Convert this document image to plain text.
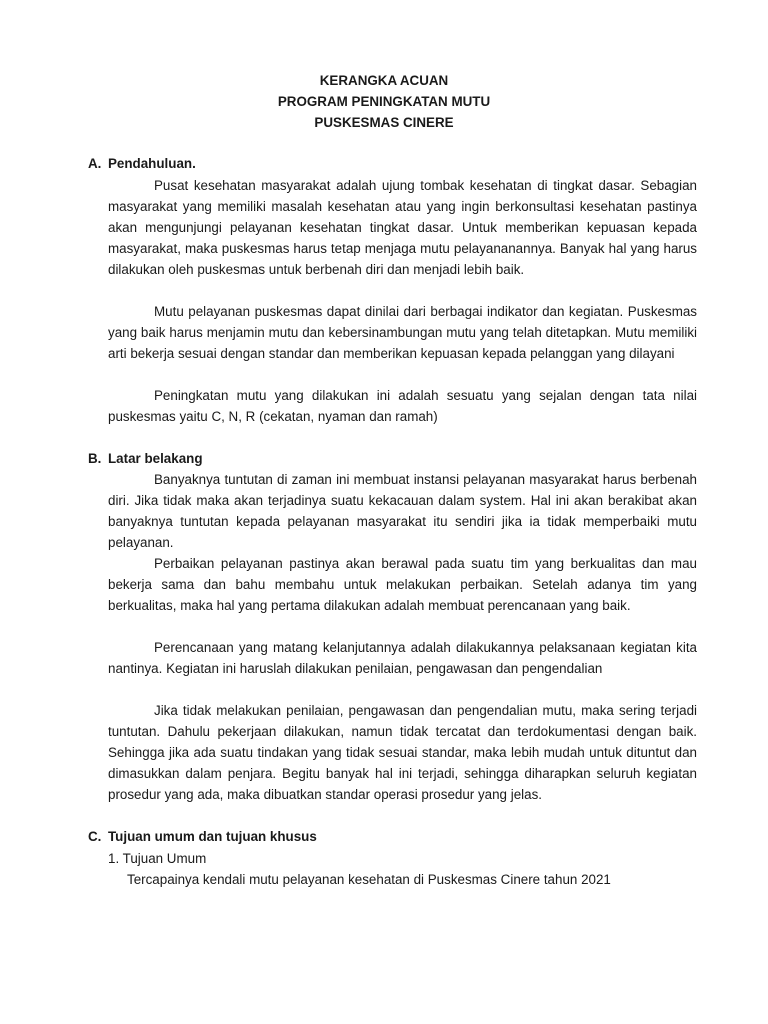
KERANGKA ACUAN
PROGRAM PENINGKATAN MUTU
PUSKESMAS CINERE
A. Pendahuluan.
Pusat kesehatan masyarakat adalah ujung tombak kesehatan di tingkat dasar. Sebagian masyarakat yang memiliki masalah kesehatan atau yang ingin berkonsultasi kesehatan pastinya akan mengunjungi pelayanan kesehatan tingkat dasar. Untuk memberikan kepuasan kepada masyarakat, maka puskesmas harus tetap menjaga mutu pelayananannya. Banyak hal yang harus dilakukan oleh puskesmas untuk berbenah diri dan menjadi lebih baik.
Mutu pelayanan puskesmas dapat dinilai dari berbagai indikator dan kegiatan. Puskesmas yang baik harus menjamin mutu dan kebersinambungan mutu yang telah ditetapkan. Mutu memiliki arti bekerja sesuai dengan standar dan memberikan kepuasan kepada pelanggan yang dilayani
Peningkatan mutu yang dilakukan ini adalah sesuatu yang sejalan dengan tata nilai puskesmas yaitu C, N, R (cekatan, nyaman dan ramah)
B. Latar belakang
Banyaknya tuntutan di zaman ini membuat instansi pelayanan masyarakat harus berbenah diri. Jika tidak maka akan terjadinya suatu kekacauan dalam system. Hal ini akan berakibat akan banyaknya tuntutan kepada pelayanan masyarakat itu sendiri jika ia tidak memperbaiki mutu pelayanan.
Perbaikan pelayanan pastinya akan berawal pada suatu tim yang berkualitas dan mau bekerja sama dan bahu membahu untuk melakukan perbaikan. Setelah adanya tim yang berkualitas, maka hal yang pertama dilakukan adalah membuat perencanaan yang baik.
Perencanaan yang matang kelanjutannya adalah dilakukannya pelaksanaan kegiatan kita nantinya. Kegiatan ini haruslah dilakukan penilaian, pengawasan dan pengendalian
Jika tidak melakukan penilaian, pengawasan dan pengendalian mutu, maka sering terjadi tuntutan. Dahulu pekerjaan dilakukan, namun tidak tercatat dan terdokumentasi dengan baik. Sehingga jika ada suatu tindakan yang tidak sesuai standar, maka lebih mudah untuk dituntut dan dimasukkan dalam penjara. Begitu banyak hal ini terjadi, sehingga diharapkan seluruh kegiatan prosedur yang ada, maka dibuatkan standar operasi prosedur yang jelas.
C. Tujuan umum dan tujuan khusus
1. Tujuan Umum
Tercapainya kendali mutu pelayanan kesehatan di Puskesmas Cinere tahun 2021
